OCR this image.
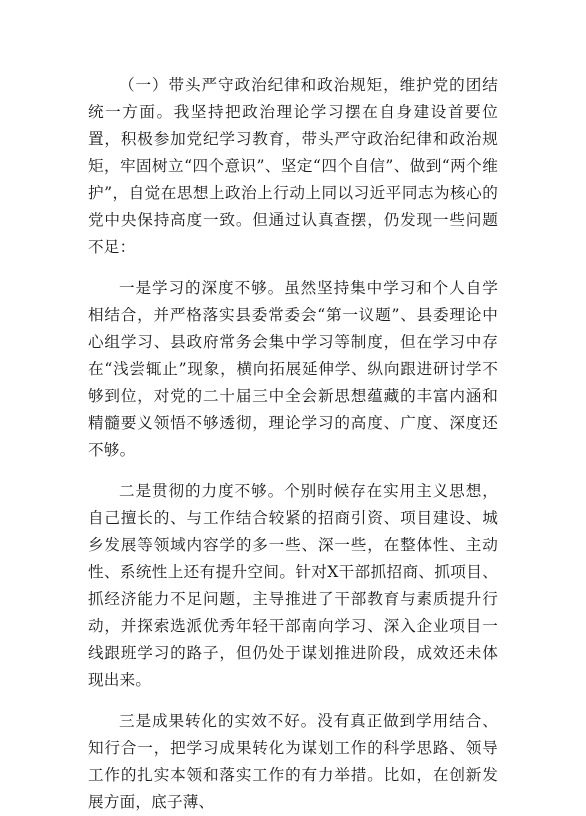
（一）带头严守政治纪律和政治规矩，维护党的团结统一方面。我坚持把政治理论学习摆在自身建设首要位置，积极参加党纪学习教育，带头严守政治纪律和政治规矩，牢固树立“四个意识”、坚定“四个自信”、做到“两个维护”，自觉在思想上政治上行动上同以习近平同志为核心的党中央保持高度一致。但通过认真查摆，仍发现一些问题不足：

一是学习的深度不够。虽然坚持集中学习和个人自学相结合，并严格落实县委常委会“第一议题”、县委理论中心组学习、县政府常务会集中学习等制度，但在学习中存在“浅尝辄止”现象，横向拓展延伸学、纵向跟进研讨学不够到位，对党的二十届三中全会新思想蕴藏的丰富内涵和精髓要义领悟不够透彻，理论学习的高度、广度、深度还不够。

二是贯彻的力度不够。个别时候存在实用主义思想，自己擅长的、与工作结合较紧的招商引资、项目建设、城乡发展等领域内容学的多一些、深一些，在整体性、主动性、系统性上还有提升空间。针对X干部抓招商、抓项目、抓经济能力不足问题，主导推进了干部教育与素质提升行动，并探索选派优秀年轻干部南向学习、深入企业项目一线跟班学习的路子，但仍处于谋划推进阶段，成效还未体现出来。

三是成果转化的实效不好。没有真正做到学用结合、知行合一，把学习成果转化为谋划工作的科学思路、领导工作的扎实本领和落实工作的有力举措。比如，在创新发展方面，底子薄、
